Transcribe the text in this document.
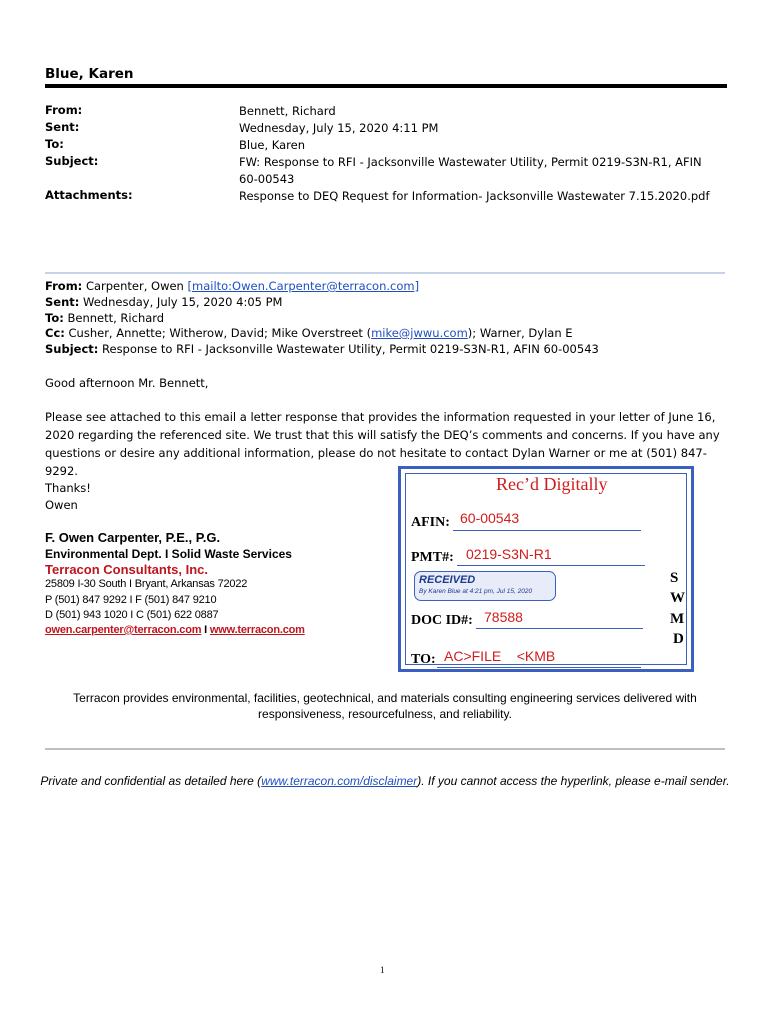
Blue, Karen
From:	Bennett, Richard
Sent:	Wednesday, July 15, 2020 4:11 PM
To:	Blue, Karen
Subject:	FW: Response to RFI - Jacksonville Wastewater Utility, Permit 0219-S3N-R1, AFIN 60-00543
Attachments:	Response to DEQ Request for Information- Jacksonville Wastewater 7.15.2020.pdf
From: Carpenter, Owen [mailto:Owen.Carpenter@terracon.com]
Sent: Wednesday, July 15, 2020 4:05 PM
To: Bennett, Richard
Cc: Cusher, Annette; Witherow, David; Mike Overstreet (mike@jwwu.com); Warner, Dylan E
Subject: Response to RFI - Jacksonville Wastewater Utility, Permit 0219-S3N-R1, AFIN 60-00543
Good afternoon Mr. Bennett,
Please see attached to this email a letter response that provides the information requested in your letter of June 16, 2020 regarding the referenced site. We trust that this will satisfy the DEQ’s comments and concerns. If you have any questions or desire any additional information, please do not hesitate to contact Dylan Warner or me at (501) 847-9292.
Thanks!
Owen
F. Owen Carpenter, P.E., P.G.
Environmental Dept. I Solid Waste Services
Terracon Consultants, Inc.
25809 I-30 South I Bryant, Arkansas 72022
P (501) 847 9292 I F (501) 847 9210
D (501) 943 1020 I C (501) 622 0887
owen.carpenter@terracon.com I www.terracon.com
Rec’d Digitally
AFIN: 60-00543
PMT#: 0219-S3N-R1
RECEIVED
By Karen Blue at 4:21 pm, Jul 15, 2020
DOC ID#: 78588
TO: AC>FILE    <KMB
S
W
M
D
Terracon provides environmental, facilities, geotechnical, and materials consulting engineering services delivered with responsiveness, resourcefulness, and reliability.
Private and confidential as detailed here (www.terracon.com/disclaimer). If you cannot access the hyperlink, please e-mail sender.
1
